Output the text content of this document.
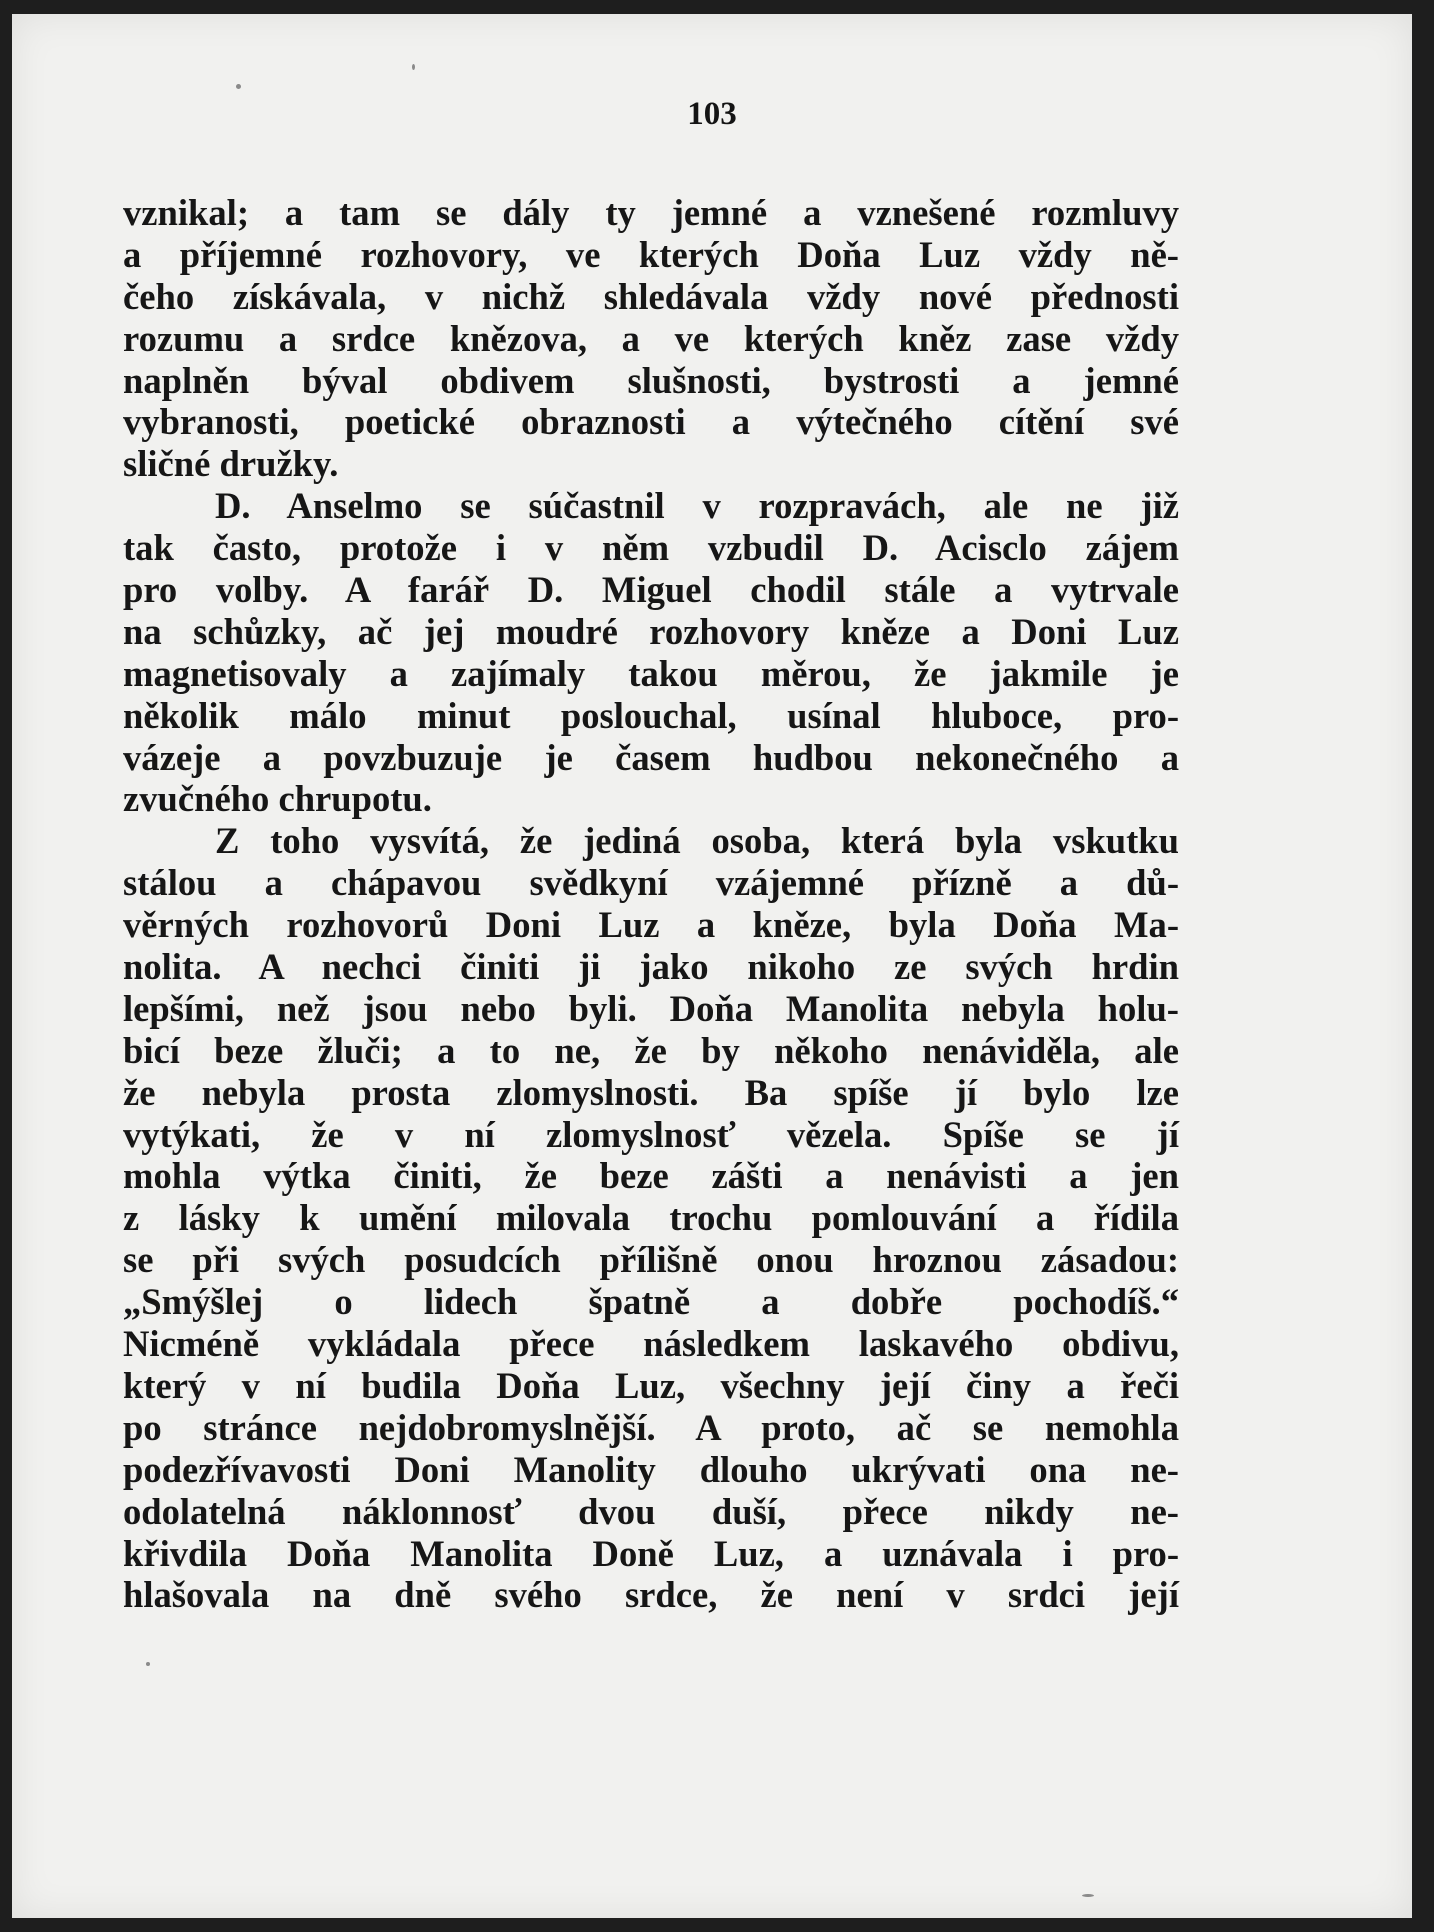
103
vznikal; a tam se dály ty jemné a vznešené rozmluvy
a příjemné rozhovory, ve kterých Doňa Luz vždy ně-
čeho získávala, v nichž shledávala vždy nové přednosti
rozumu a srdce knězova, a ve kterých kněz zase vždy
naplněn býval obdivem slušnosti, bystrosti a jemné
vybranosti, poetické obraznosti a výtečného cítění své
sličné družky.
D. Anselmo se súčastnil v rozpravách, ale ne již
tak často, protože i v něm vzbudil D. Acisclo zájem
pro volby. A farář D. Miguel chodil stále a vytrvale
na schůzky, ač jej moudré rozhovory kněze a Doni Luz
magnetisovaly a zajímaly takou měrou, že jakmile je
několik málo minut poslouchal, usínal hluboce, pro-
vázeje a povzbuzuje je časem hudbou nekonečného a
zvučného chrupotu.
Z toho vysvítá, že jediná osoba, která byla vskutku
stálou a chápavou svědkyní vzájemné přízně a dů-
věrných rozhovorů Doni Luz a kněze, byla Doňa Ma-
nolita. A nechci činiti ji jako nikoho ze svých hrdin
lepšími, než jsou nebo byli. Doňa Manolita nebyla holu-
bicí beze žluči; a to ne, že by někoho nenáviděla, ale
že nebyla prosta zlomyslnosti. Ba spíše jí bylo lze
vytýkati, že v ní zlomyslnosť vězela. Spíše se jí
mohla výtka činiti, že beze zášti a nenávisti a jen
z lásky k umění milovala trochu pomlouvání a řídila
se při svých posudcích přílišně onou hroznou zásadou:
„Smýšlej o lidech špatně a dobře pochodíš.“
Nicméně vykládala přece následkem laskavého obdivu,
který v ní budila Doňa Luz, všechny její činy a řeči
po stránce nejdobromyslnější. A proto, ač se nemohla
podezřívavosti Doni Manolity dlouho ukrývati ona ne-
odolatelná náklonnosť dvou duší, přece nikdy ne-
křivdila Doňa Manolita Doně Luz, a uznávala i pro-
hlašovala na dně svého srdce, že není v srdci její
